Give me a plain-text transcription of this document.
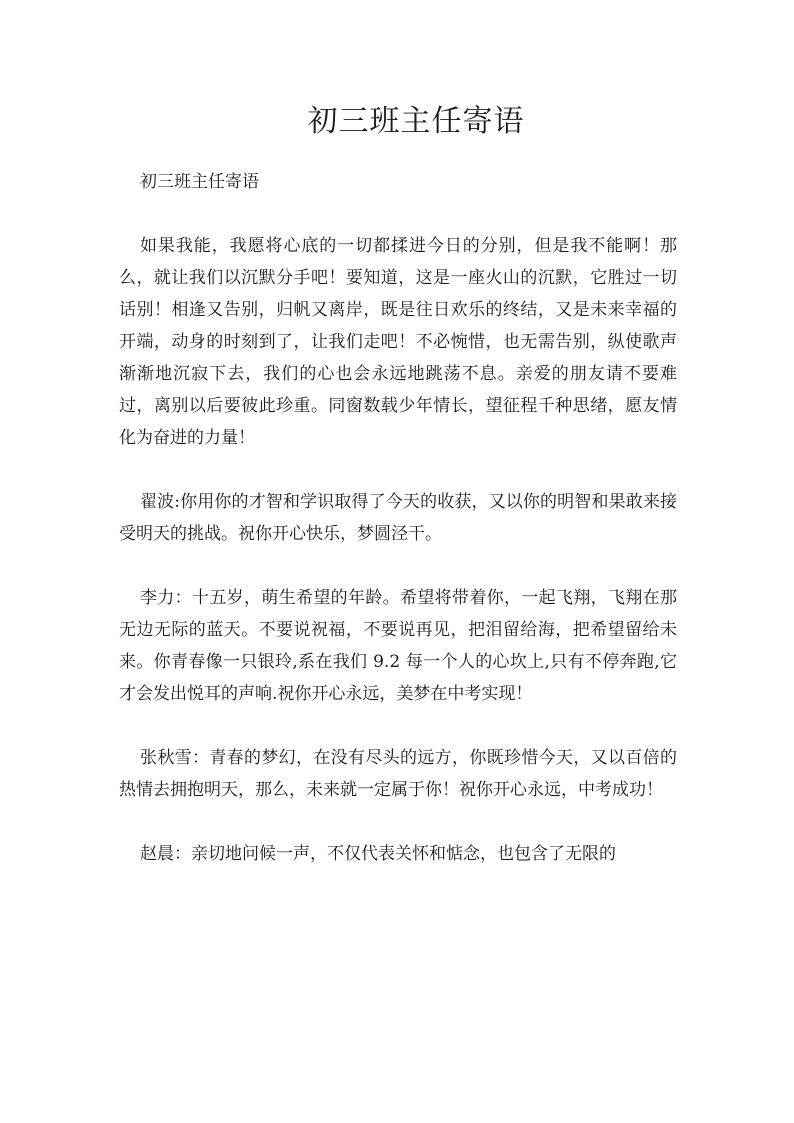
初三班主任寄语

初三班主任寄语

如果我能，我愿将心底的一切都揉进今日的分别，但是我不能啊！那么，就让我们以沉默分手吧！要知道，这是一座火山的沉默，它胜过一切话别！相逢又告别，归帆又离岸，既是往日欢乐的终结，又是未来幸福的开端，动身的时刻到了，让我们走吧！不必惋惜，也无需告别，纵使歌声渐渐地沉寂下去，我们的心也会永远地跳荡不息。亲爱的朋友请不要难过，离别以后要彼此珍重。同窗数载少年情长，望征程千种思绪，愿友情化为奋进的力量！

翟波:你用你的才智和学识取得了今天的收获，又以你的明智和果敢来接受明天的挑战。祝你开心快乐，梦圆泾干。

李力：十五岁，萌生希望的年龄。希望将带着你，一起飞翔，飞翔在那无边无际的蓝天。不要说祝福，不要说再见，把泪留给海，把希望留给未来。你青春像一只银玲,系在我们 9.2 每一个人的心坎上,只有不停奔跑,它才会发出悦耳的声响.祝你开心永远，美梦在中考实现！

张秋雪：青春的梦幻，在没有尽头的远方，你既珍惜今天，又以百倍的热情去拥抱明天，那么，未来就一定属于你！祝你开心永远，中考成功！

赵晨：亲切地问候一声，不仅代表关怀和惦念，也包含了无限的
